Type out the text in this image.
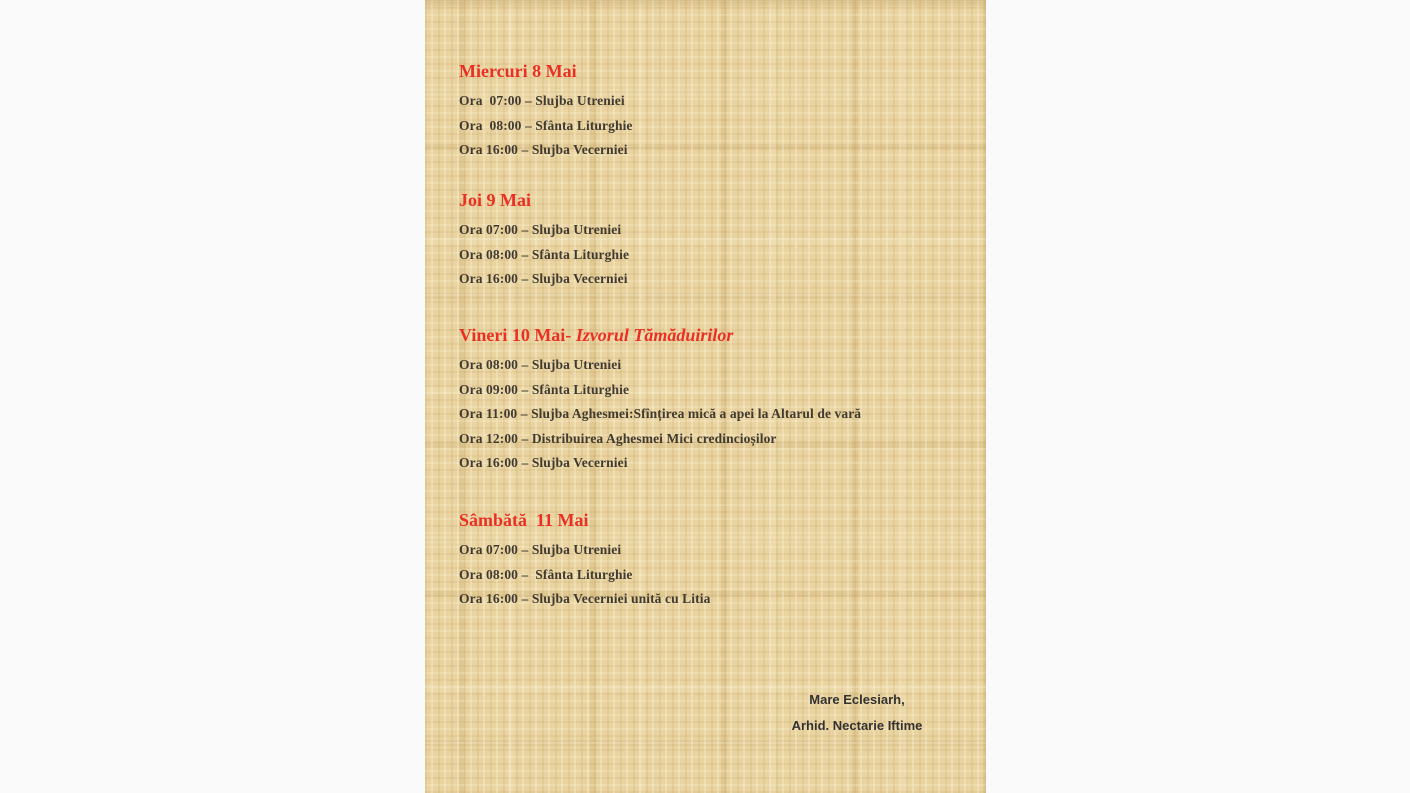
Miercuri 8 Mai
Ora  07:00 – Slujba Utreniei
Ora  08:00 – Sfânta Liturghie
Ora 16:00 – Slujba Vecerniei
Joi 9 Mai
Ora 07:00 – Slujba Utreniei
Ora 08:00 – Sfânta Liturghie
Ora 16:00 – Slujba Vecerniei
Vineri 10 Mai- Izvorul Tămăduirilor
Ora 08:00 – Slujba Utreniei
Ora 09:00 – Sfânta Liturghie
Ora 11:00 – Slujba Aghesmei:Sfînțirea mică a apei la Altarul de vară
Ora 12:00 – Distribuirea Aghesmei Mici credincioșilor
Ora 16:00 – Slujba Vecerniei
Sâmbătă  11 Mai
Ora 07:00 – Slujba Utreniei
Ora 08:00 –  Sfânta Liturghie
Ora 16:00 – Slujba Vecerniei unită cu Litia
Mare Eclesiarh,
Arhid. Nectarie Iftime
